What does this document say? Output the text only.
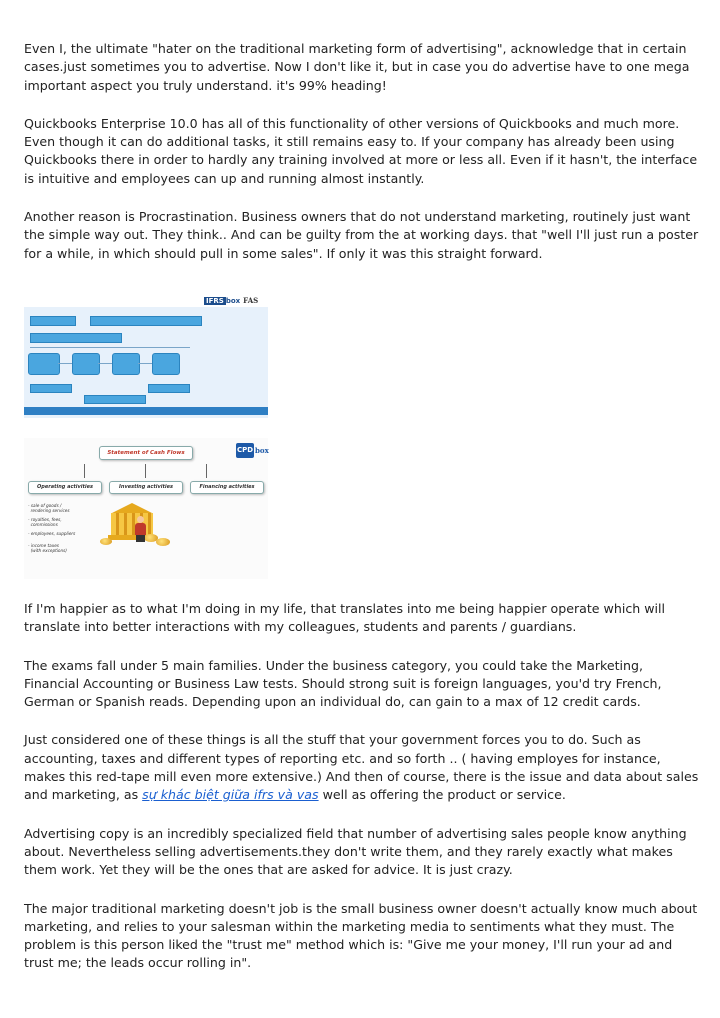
Even I, the ultimate "hater on the traditional marketing form of advertising", acknowledge that in certain cases.just sometimes you to advertise. Now I don't like it, but in case you do advertise have to one mega important aspect you truly understand. it's 99% heading!

Quickbooks Enterprise 10.0 has all of this functionality of other versions of Quickbooks and much more. Even though it can do additional tasks, it still remains easy to. If your company has already been using Quickbooks there in order to hardly any training involved at more or less all. Even if it hasn't, the interface is intuitive and employees can up and running almost instantly.

Another reason is Procrastination. Business owners that do not understand marketing, routinely just want the simple way out. They think.. And can be guilty from the at working days. that "well I'll just run a poster for a while, in which should pull in some sales". If only it was this straight forward.

IFRS box FAS
CPD box
Statement of Cash Flows
Operating activities	Investing activities	Financing activities
- sale of goods /
rendering services
- royalties, fees,
commissions
- employees, suppliers
- income taxes
(with exceptions)

If I'm happier as to what I'm doing in my life, that translates into me being happier operate which will translate into better interactions with my colleagues, students and parents / guardians.

The exams fall under 5 main families. Under the business category, you could take the Marketing, Financial Accounting or Business Law tests. Should strong suit is foreign languages, you'd try French, German or Spanish reads. Depending upon an individual do, can gain to a max of 12 credit cards.

Just considered one of these things is all the stuff that your government forces you to do. Such as accounting, taxes and different types of reporting etc. and so forth .. ( having employes for instance, makes this red-tape mill even more extensive.) And then of course, there is the issue and data about sales and marketing, as sự khác biệt giữa ifrs và vas well as offering the product or service.

Advertising copy is an incredibly specialized field that number of advertising sales people know anything about. Nevertheless selling advertisements.they don't write them, and they rarely exactly what makes them work. Yet they will be the ones that are asked for advice. It is just crazy.

The major traditional marketing doesn't job is the small business owner doesn't actually know much about marketing, and relies to your salesman within the marketing media to sentiments what they must. The problem is this person liked the "trust me" method which is: "Give me your money, I'll run your ad and trust me; the leads occur rolling in".
